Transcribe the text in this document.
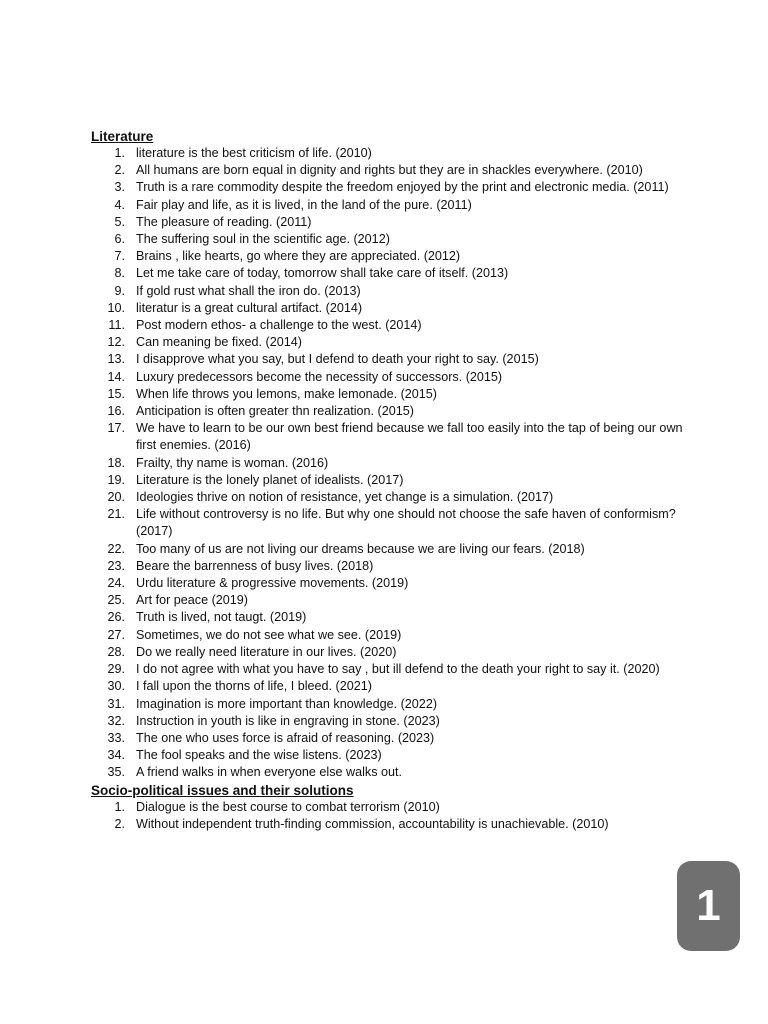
Literature
1. literature is the best criticism of life. (2010)
2. All humans are born equal in dignity and rights but they are in shackles everywhere. (2010)
3. Truth is a rare commodity despite the freedom enjoyed by the print and electronic media. (2011)
4. Fair play and life, as it is lived, in the land of the pure. (2011)
5. The pleasure of reading. (2011)
6. The suffering soul in the scientific age. (2012)
7. Brains , like hearts, go where they are appreciated. (2012)
8. Let me take care of today, tomorrow shall take care of itself. (2013)
9. If gold rust what shall the iron do. (2013)
10. literatur is a great cultural artifact. (2014)
11. Post modern ethos- a challenge to the west. (2014)
12. Can meaning be fixed. (2014)
13. I disapprove what you say, but I defend to death your right to say. (2015)
14. Luxury predecessors become the necessity of successors. (2015)
15. When life throws you lemons, make lemonade. (2015)
16. Anticipation is often greater thn realization. (2015)
17. We have to learn to be our own best friend because we fall too easily into the tap of being our own first enemies. (2016)
18. Frailty, thy name is woman. (2016)
19. Literature is the lonely planet of idealists. (2017)
20. Ideologies thrive on notion of resistance, yet change is a simulation. (2017)
21. Life without controversy is no life. But why one should not choose the safe haven of conformism? (2017)
22. Too many of us are not living our dreams because we are living our fears. (2018)
23. Beare the barrenness of busy lives. (2018)
24. Urdu literature & progressive movements. (2019)
25. Art for peace (2019)
26. Truth is lived, not taugt. (2019)
27. Sometimes, we do not see what we see. (2019)
28. Do we really need literature in our lives. (2020)
29. I do not agree with what you have to say , but ill defend to the death your right to say it. (2020)
30. I fall upon the thorns of life, I bleed. (2021)
31. Imagination is more important than knowledge. (2022)
32. Instruction in youth is like in engraving in stone. (2023)
33. The one who uses force is afraid of reasoning. (2023)
34. The fool speaks and the wise listens. (2023)
35. A friend walks in when everyone else walks out.
Socio-political issues and their solutions
1. Dialogue is the best course to combat terrorism (2010)
2. Without independent truth-finding commission, accountability is unachievable. (2010)
1
